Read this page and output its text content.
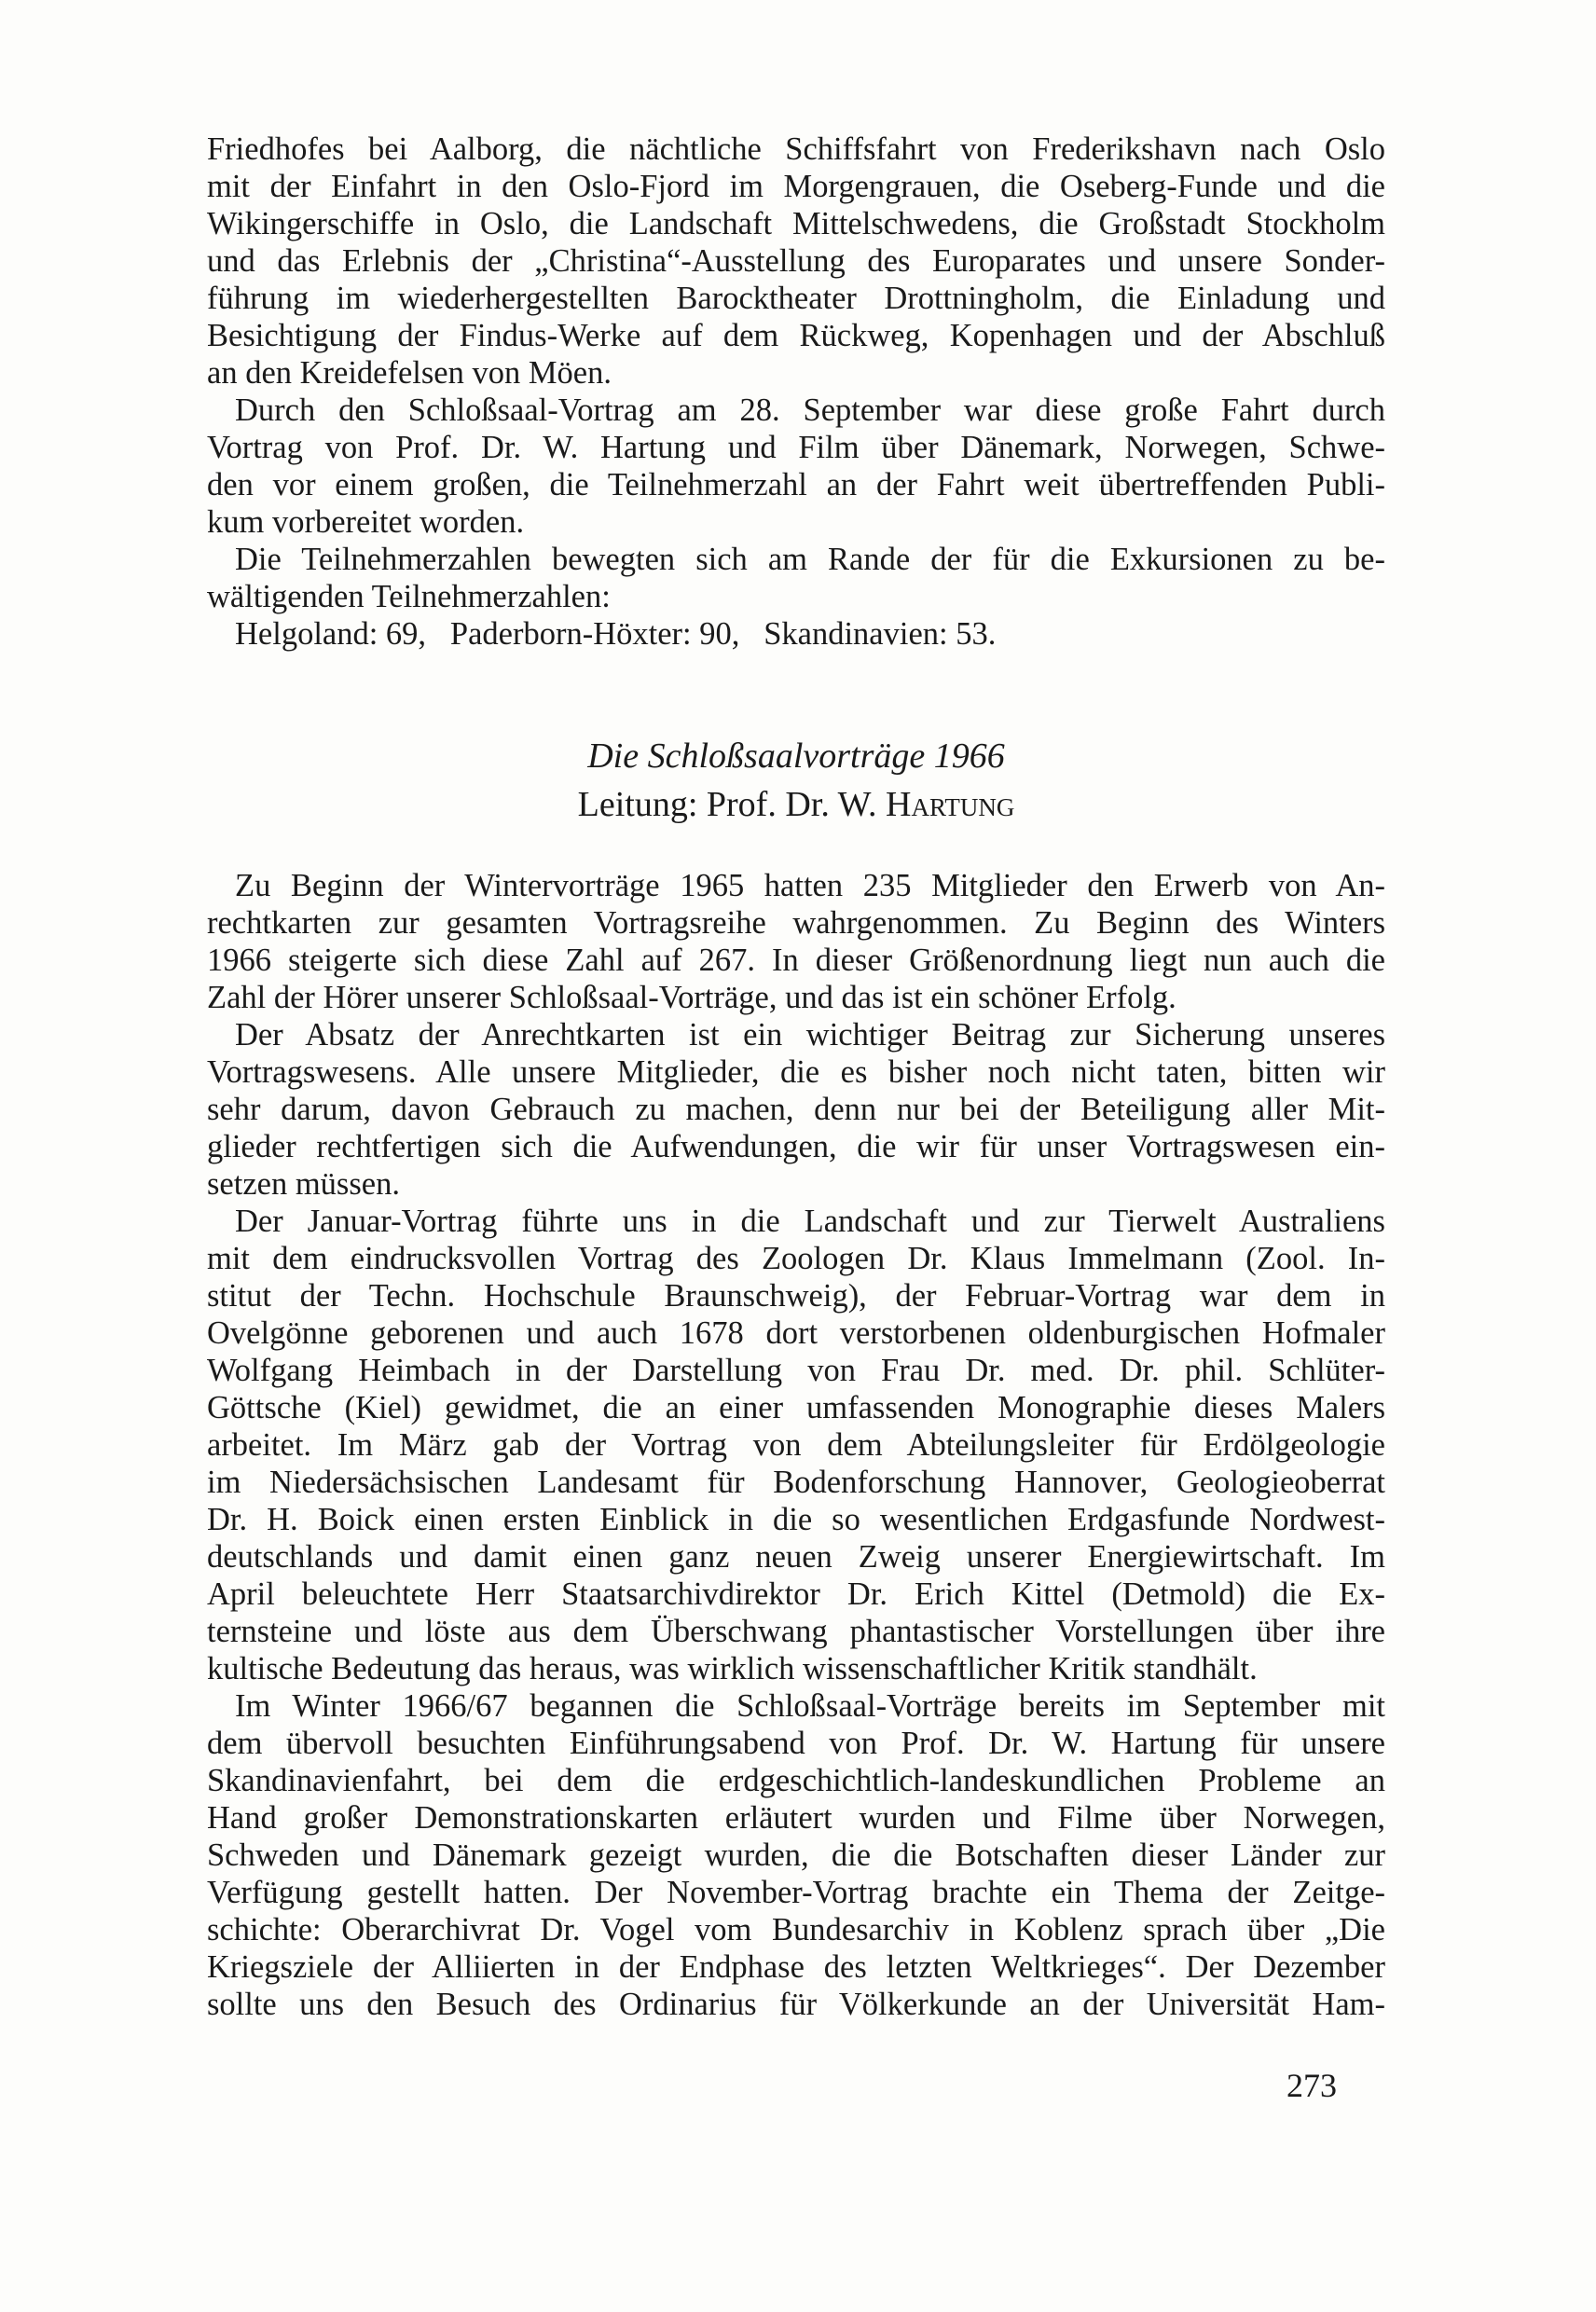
Friedhofes bei Aalborg, die nächtliche Schiffsfahrt von Frederikshavn nach Oslo
mit der Einfahrt in den Oslo-Fjord im Morgengrauen, die Oseberg-Funde und die
Wikingerschiffe in Oslo, die Landschaft Mittelschwedens, die Großstadt Stockholm
und das Erlebnis der „Christina“-Ausstellung des Europarates und unsere Sonder-
führung im wiederhergestellten Barocktheater Drottningholm, die Einladung und
Besichtigung der Findus-Werke auf dem Rückweg, Kopenhagen und der Abschluß
an den Kreidefelsen von Möen.
Durch den Schloßsaal-Vortrag am 28. September war diese große Fahrt durch
Vortrag von Prof. Dr. W. Hartung und Film über Dänemark, Norwegen, Schwe-
den vor einem großen, die Teilnehmerzahl an der Fahrt weit übertreffenden Publi-
kum vorbereitet worden.
Die Teilnehmerzahlen bewegten sich am Rande der für die Exkursionen zu be-
wältigenden Teilnehmerzahlen:
Helgoland: 69,   Paderborn-Höxter: 90,   Skandinavien: 53.
Die Schloßsaalvorträge 1966
Leitung: Prof. Dr. W. Hartung
Zu Beginn der Wintervorträge 1965 hatten 235 Mitglieder den Erwerb von An-
rechtkarten zur gesamten Vortragsreihe wahrgenommen. Zu Beginn des Winters
1966 steigerte sich diese Zahl auf 267. In dieser Größenordnung liegt nun auch die
Zahl der Hörer unserer Schloßsaal-Vorträge, und das ist ein schöner Erfolg.
Der Absatz der Anrechtkarten ist ein wichtiger Beitrag zur Sicherung unseres
Vortragswesens. Alle unsere Mitglieder, die es bisher noch nicht taten, bitten wir
sehr darum, davon Gebrauch zu machen, denn nur bei der Beteiligung aller Mit-
glieder rechtfertigen sich die Aufwendungen, die wir für unser Vortragswesen ein-
setzen müssen.
Der Januar-Vortrag führte uns in die Landschaft und zur Tierwelt Australiens
mit dem eindrucksvollen Vortrag des Zoologen Dr. Klaus Immelmann (Zool. In-
stitut der Techn. Hochschule Braunschweig), der Februar-Vortrag war dem in
Ovelgönne geborenen und auch 1678 dort verstorbenen oldenburgischen Hofmaler
Wolfgang Heimbach in der Darstellung von Frau Dr. med. Dr. phil. Schlüter-
Göttsche (Kiel) gewidmet, die an einer umfassenden Monographie dieses Malers
arbeitet. Im März gab der Vortrag von dem Abteilungsleiter für Erdölgeologie
im Niedersächsischen Landesamt für Bodenforschung Hannover, Geologieoberrat
Dr. H. Boick einen ersten Einblick in die so wesentlichen Erdgasfunde Nordwest-
deutschlands und damit einen ganz neuen Zweig unserer Energiewirtschaft. Im
April beleuchtete Herr Staatsarchivdirektor Dr. Erich Kittel (Detmold) die Ex-
ternsteine und löste aus dem Überschwang phantastischer Vorstellungen über ihre
kultische Bedeutung das heraus, was wirklich wissenschaftlicher Kritik standhält.
Im Winter 1966/67 begannen die Schloßsaal-Vorträge bereits im September mit
dem übervoll besuchten Einführungsabend von Prof. Dr. W. Hartung für unsere
Skandinavienfahrt, bei dem die erdgeschichtlich-landeskundlichen Probleme an
Hand großer Demonstrationskarten erläutert wurden und Filme über Norwegen,
Schweden und Dänemark gezeigt wurden, die die Botschaften dieser Länder zur
Verfügung gestellt hatten. Der November-Vortrag brachte ein Thema der Zeitge-
schichte: Oberarchivrat Dr. Vogel vom Bundesarchiv in Koblenz sprach über „Die
Kriegsziele der Alliierten in der Endphase des letzten Weltkrieges“. Der Dezember
sollte uns den Besuch des Ordinarius für Völkerkunde an der Universität Ham-
273
